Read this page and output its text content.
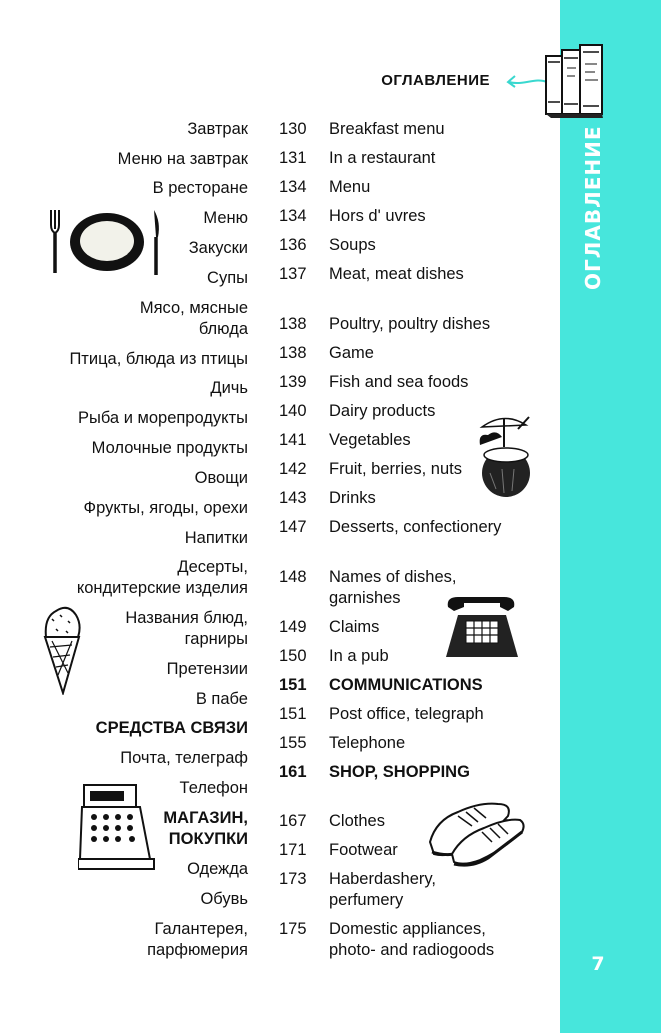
ОГЛАВЛЕНИЕ
7
ОГЛАВЛЕНИЕ
Завтрак 130 Breakfast menu
Меню на завтрак 131 In a restaurant
В ресторане 134 Menu
Меню 134 Hors d' uvres
Закуски 136 Soups
Супы 137 Meat, meat dishes
Мясо, мясные
блюда 138 Poultry, poultry dishes
Птица, блюда из птицы 138 Game
Дичь 139 Fish and sea foods
Рыба и морепродукты 140 Dairy products
Молочные продукты 141 Vegetables
Овощи 142 Fruit, berries, nuts
Фрукты, ягоды, орехи
143 Drinks
Напитки
147 Desserts, confectionery
Десерты,
кондитерские изделия
148 Names of dishes,
garnishes
Названия блюд,
гарниры
149 Claims
Претензии
150 In a pub
В пабе
151 COMMUNICATIONS
СРЕДСТВА СВЯЗИ
151 Post office, telegraph
Почта, телеграф
155 Telephone
Телефон
161 SHOP, SHOPPING
МАГАЗИН,
ПОКУПКИ
167 Clothes
Одежда
171 Footwear
Обувь
173 Haberdashery,
perfumery
Галантерея,
парфюмерия
175 Domestic appliances,
photo- and radiogoods
